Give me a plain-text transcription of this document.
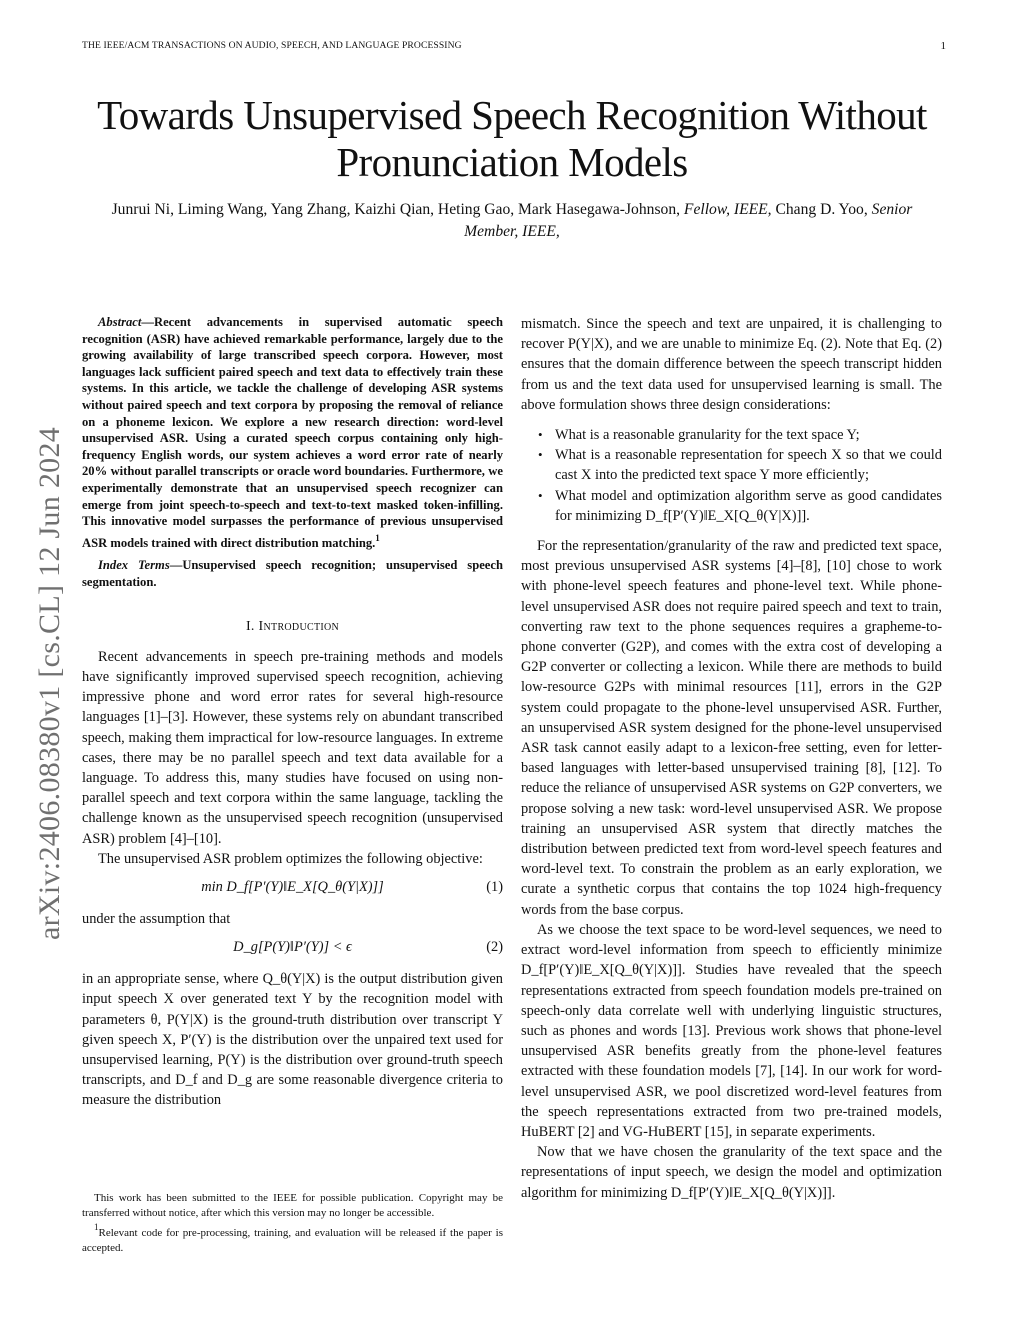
THE IEEE/ACM TRANSACTIONS ON AUDIO, SPEECH, AND LANGUAGE PROCESSING	1
Towards Unsupervised Speech Recognition Without Pronunciation Models
Junrui Ni, Liming Wang, Yang Zhang, Kaizhi Qian, Heting Gao, Mark Hasegawa-Johnson, Fellow, IEEE, Chang D. Yoo, Senior Member, IEEE,
arXiv:2406.08380v1 [cs.CL] 12 Jun 2024

Abstract—Recent advancements in supervised automatic speech recognition (ASR) have achieved remarkable performance, largely due to the growing availability of large transcribed speech corpora. However, most languages lack sufficient paired speech and text data to effectively train these systems. In this article, we tackle the challenge of developing ASR systems without paired speech and text corpora by proposing the removal of reliance on a phoneme lexicon. We explore a new research direction: word-level unsupervised ASR. Using a curated speech corpus containing only high-frequency English words, our system achieves a word error rate of nearly 20% without parallel transcripts or oracle word boundaries. Furthermore, we experimentally demonstrate that an unsupervised speech recognizer can emerge from joint speech-to-speech and text-to-text masked token-infilling. This innovative model surpasses the performance of previous unsupervised ASR models trained with direct distribution matching.$^1$

Index Terms—Unsupervised speech recognition; unsupervised speech segmentation.

I. Introduction

Recent advancements in speech pre-training methods and models have significantly improved supervised speech recognition, achieving impressive phone and word error rates for several high-resource languages [1]–[3]. However, these systems rely on abundant transcribed speech, making them impractical for low-resource languages. In extreme cases, there may be no parallel speech and text data available for a language. To address this, many studies have focused on using non-parallel speech and text corpora within the same language, tackling the challenge known as the unsupervised speech recognition (unsupervised ASR) problem [4]–[10].

The unsupervised ASR problem optimizes the following objective:

min D_f[P′(Y)‖E_X[Q_θ(Y|X)]]	(1)

under the assumption that

D_g[P(Y)‖P′(Y)] < ϵ	(2)

in an appropriate sense, where Q_θ(Y|X) is the output distribution given input speech X over generated text Y by the recognition model with parameters θ, P(Y|X) is the ground-truth distribution over transcript Y given speech X, P′(Y) is the distribution over the unpaired text used for unsupervised learning, P(Y) is the distribution over ground-truth speech transcripts, and D_f and D_g are some reasonable divergence criteria to measure the distribution

mismatch. Since the speech and text are unpaired, it is challenging to recover P(Y|X), and we are unable to minimize Eq. (2). Note that Eq. (2) ensures that the domain difference between the speech transcript hidden from us and the text data used for unsupervised learning is small. The above formulation shows three design considerations:

• What is a reasonable granularity for the text space Y;
• What is a reasonable representation for speech X so that we could cast X into the predicted text space Y more efficiently;
• What model and optimization algorithm serve as good candidates for minimizing D_f[P′(Y)‖E_X[Q_θ(Y|X)]].

For the representation/granularity of the raw and predicted text space, most previous unsupervised ASR systems [4]–[8], [10] chose to work with phone-level speech features and phone-level text. While phone-level unsupervised ASR does not require paired speech and text to train, converting raw text to the phone sequences requires a grapheme-to-phone converter (G2P), and comes with the extra cost of developing a G2P converter or collecting a lexicon. While there are methods to build low-resource G2Ps with minimal resources [11], errors in the G2P system could propagate to the phone-level unsupervised ASR. Further, an unsupervised ASR system designed for the phone-level unsupervised ASR task cannot easily adapt to a lexicon-free setting, even for letter-based languages with letter-based unsupervised training [8], [12]. To reduce the reliance of unsupervised ASR systems on G2P converters, we propose solving a new task: word-level unsupervised ASR. We propose training an unsupervised ASR system that directly matches the distribution between predicted text from word-level speech features and word-level text. To constrain the problem as an early exploration, we curate a synthetic corpus that contains the top 1024 high-frequency words from the base corpus.

As we choose the text space to be word-level sequences, we need to extract word-level information from speech to efficiently minimize D_f[P′(Y)‖E_X[Q_θ(Y|X)]]. Studies have revealed that the speech representations extracted from speech foundation models pre-trained on speech-only data correlate well with underlying linguistic structures, such as phones and words [13]. Previous work shows that phone-level unsupervised ASR benefits greatly from the phone-level features extracted with these foundation models [7], [14]. In our work for word-level unsupervised ASR, we pool discretized word-level features from the speech representations extracted from two pre-trained models, HuBERT [2] and VG-HuBERT [15], in separate experiments.

Now that we have chosen the granularity of the text space and the representations of input speech, we design the model and optimization algorithm for minimizing D_f[P′(Y)‖E_X[Q_θ(Y|X)]].

This work has been submitted to the IEEE for possible publication. Copyright may be transferred without notice, after which this version may no longer be accessible.

$^1$Relevant code for pre-processing, training, and evaluation will be released if the paper is accepted.
